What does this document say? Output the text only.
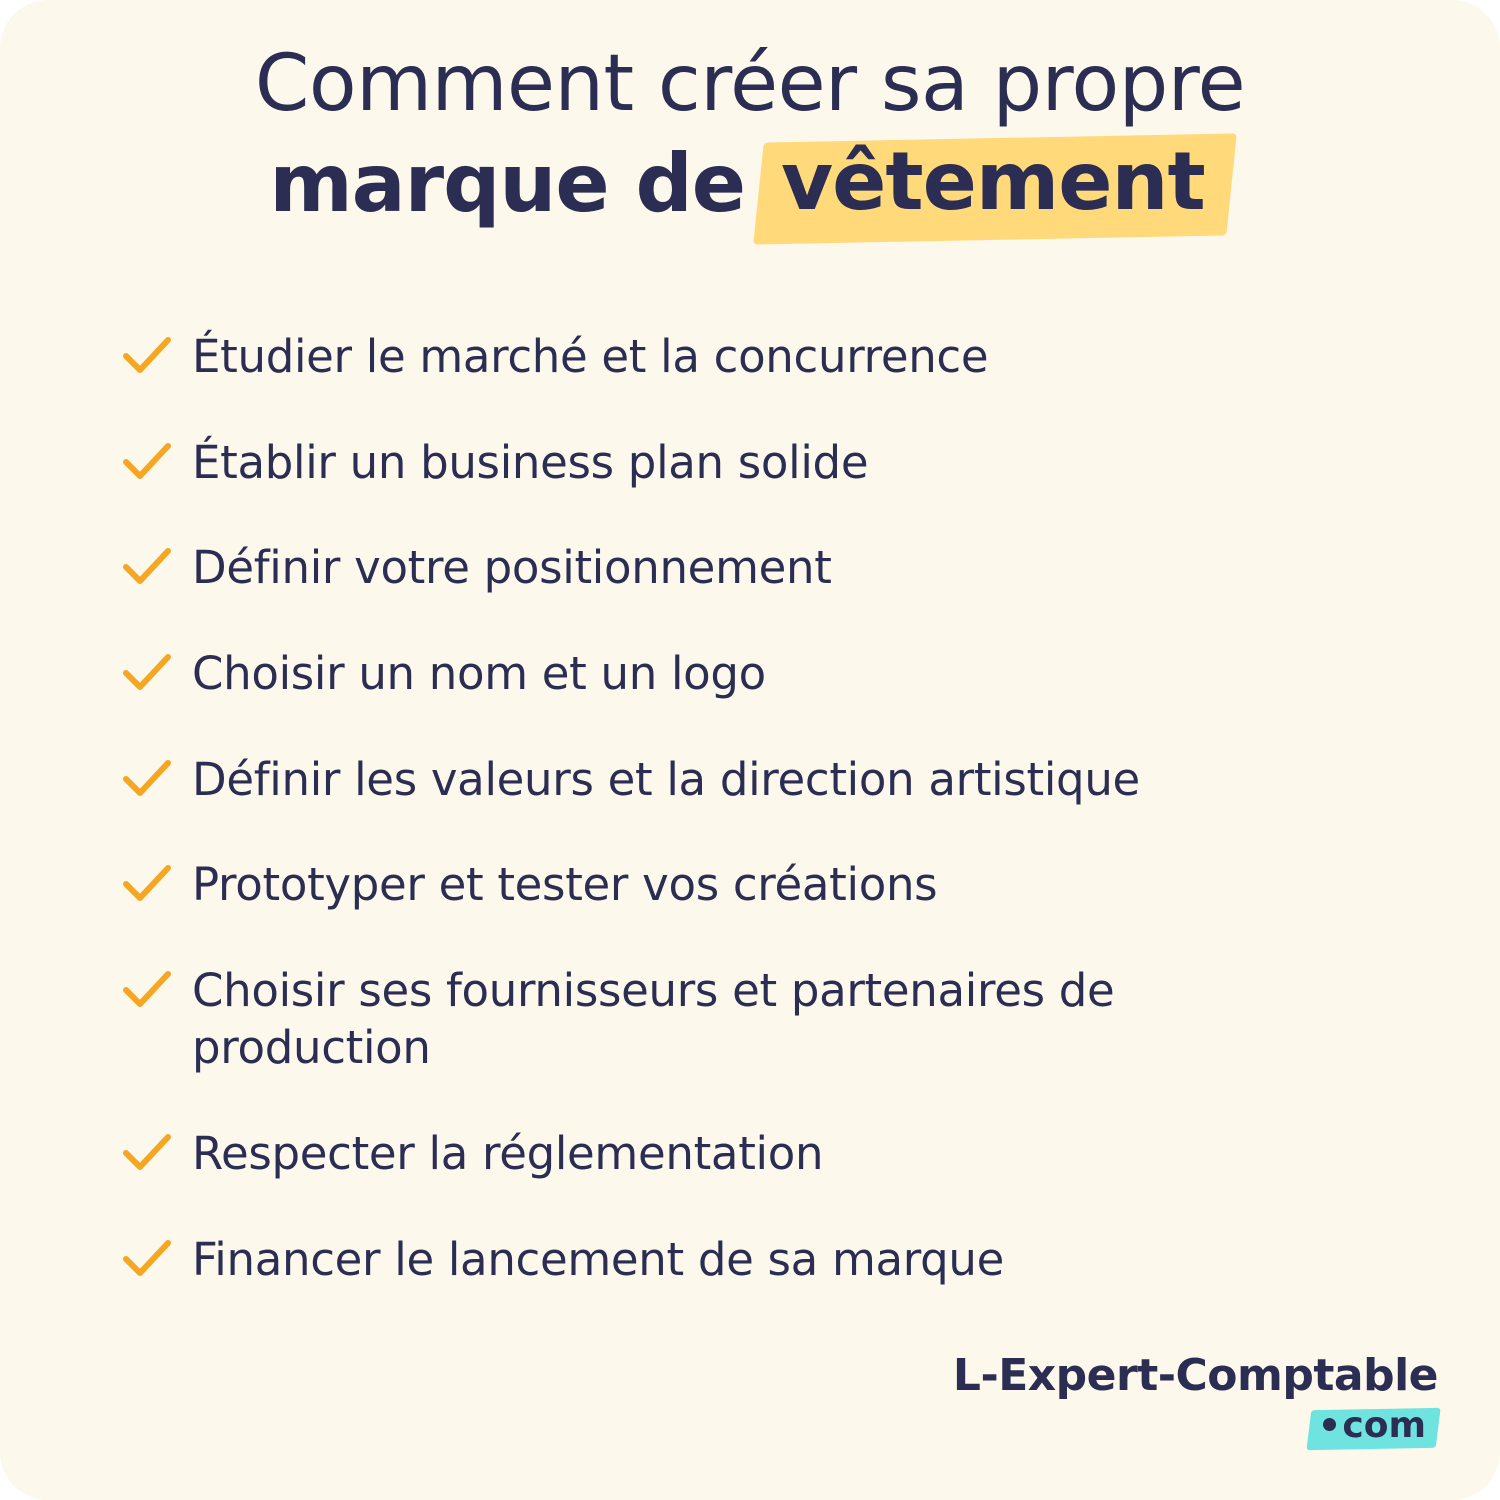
Comment créer sa propre
marque de vêtement
Étudier le marché et la concurrence
Établir un business plan solide
Définir votre positionnement
Choisir un nom et un logo
Définir les valeurs et la direction artistique
Prototyper et tester vos créations
Choisir ses fournisseurs et partenaires de production
Respecter la réglementation
Financer le lancement de sa marque
L-Expert-Comptable
com
